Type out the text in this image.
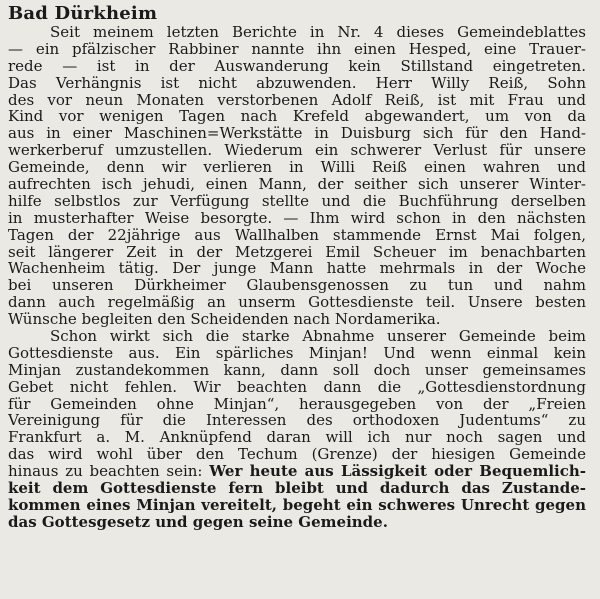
Bad Dürkheim
Seit meinem letzten Berichte in Nr. 4 dieses Gemeindeblattes
— ein pfälzischer Rabbiner nannte ihn einen Hesped, eine Trauer-
rede — ist in der Auswanderung kein Stillstand eingetreten.
Das Verhängnis ist nicht abzuwenden. Herr Willy Reiß, Sohn
des vor neun Monaten verstorbenen Adolf Reiß, ist mit Frau und
Kind vor wenigen Tagen nach Krefeld abgewandert, um von da
aus in einer Maschinen=Werkstätte in Duisburg sich für den Hand-
werkerberuf umzustellen. Wiederum ein schwerer Verlust für unsere
Gemeinde, denn wir verlieren in Willi Reiß einen wahren und
aufrechten isch jehudi, einen Mann, der seither sich unserer Winter-
hilfe selbstlos zur Verfügung stellte und die Buchführung derselben
in musterhafter Weise besorgte. — Ihm wird schon in den nächsten
Tagen der 22jährige aus Wallhalben stammende Ernst Mai folgen,
seit längerer Zeit in der Metzgerei Emil Scheuer im benachbarten
Wachenheim tätig. Der junge Mann hatte mehrmals in der Woche
bei unseren Dürkheimer Glaubensgenossen zu tun und nahm
dann auch regelmäßig an unserm Gottesdienste teil. Unsere besten
Wünsche begleiten den Scheidenden nach Nordamerika.
Schon wirkt sich die starke Abnahme unserer Gemeinde beim
Gottesdienste aus. Ein spärliches Minjan! Und wenn einmal kein
Minjan zustandekommen kann, dann soll doch unser gemeinsames
Gebet nicht fehlen. Wir beachten dann die „Gottesdienstordnung
für Gemeinden ohne Minjan“, herausgegeben von der „Freien
Vereinigung für die Interessen des orthodoxen Judentums“ zu
Frankfurt a. M. Anknüpfend daran will ich nur noch sagen und
das wird wohl über den Techum (Grenze) der hiesigen Gemeinde
hinaus zu beachten sein: Wer heute aus Lässigkeit oder Bequemlich-
keit dem Gottesdienste fern bleibt und dadurch das Zustande-
kommen eines Minjan vereitelt, begeht ein schweres Unrecht gegen
das Gottesgesetz und gegen seine Gemeinde.
